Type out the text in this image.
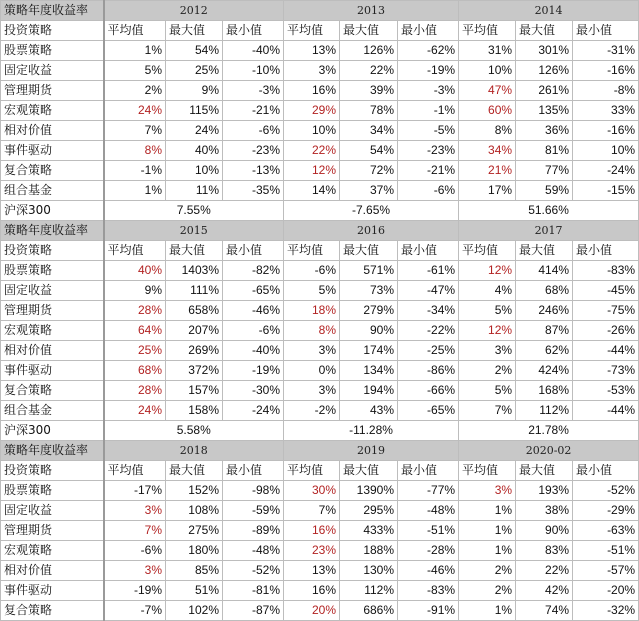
策略年度收益率	2012			2013			2014		
投资策略	平均值	最大值	最小值	平均值	最大值	最小值	平均值	最大值	最小值
股票策略	1%	54%	-40%	13%	126%	-62%	31%	301%	-31%
固定收益	5%	25%	-10%	3%	22%	-19%	10%	126%	-16%
管理期货	2%	9%	-3%	16%	39%	-3%	47%	261%	-8%
宏观策略	24%	115%	-21%	29%	78%	-1%	60%	135%	33%
相对价值	7%	24%	-6%	10%	34%	-5%	8%	36%	-16%
事件驱动	8%	40%	-23%	22%	54%	-23%	34%	81%	10%
复合策略	-1%	10%	-13%	12%	72%	-21%	21%	77%	-24%
组合基金	1%	11%	-35%	14%	37%	-6%	17%	59%	-15%
沪深300	7.55%			-7.65%			51.66%		
策略年度收益率	2015			2016			2017		
投资策略	平均值	最大值	最小值	平均值	最大值	最小值	平均值	最大值	最小值
股票策略	40%	1403%	-82%	-6%	571%	-61%	12%	414%	-83%
固定收益	9%	111%	-65%	5%	73%	-47%	4%	68%	-45%
管理期货	28%	658%	-46%	18%	279%	-34%	5%	246%	-75%
宏观策略	64%	207%	-6%	8%	90%	-22%	12%	87%	-26%
相对价值	25%	269%	-40%	3%	174%	-25%	3%	62%	-44%
事件驱动	68%	372%	-19%	0%	134%	-86%	2%	424%	-73%
复合策略	28%	157%	-30%	3%	194%	-66%	5%	168%	-53%
组合基金	24%	158%	-24%	-2%	43%	-65%	7%	112%	-44%
沪深300	5.58%			-11.28%			21.78%		
策略年度收益率	2018			2019			2020-02		
投资策略	平均值	最大值	最小值	平均值	最大值	最小值	平均值	最大值	最小值
股票策略	-17%	152%	-98%	30%	1390%	-77%	3%	193%	-52%
固定收益	3%	108%	-59%	7%	295%	-48%	1%	38%	-29%
管理期货	7%	275%	-89%	16%	433%	-51%	1%	90%	-63%
宏观策略	-6%	180%	-48%	23%	188%	-28%	1%	83%	-51%
相对价值	3%	85%	-52%	13%	130%	-46%	2%	22%	-57%
事件驱动	-19%	51%	-81%	16%	112%	-83%	2%	42%	-20%
复合策略	-7%	102%	-87%	20%	686%	-91%	1%	74%	-32%
